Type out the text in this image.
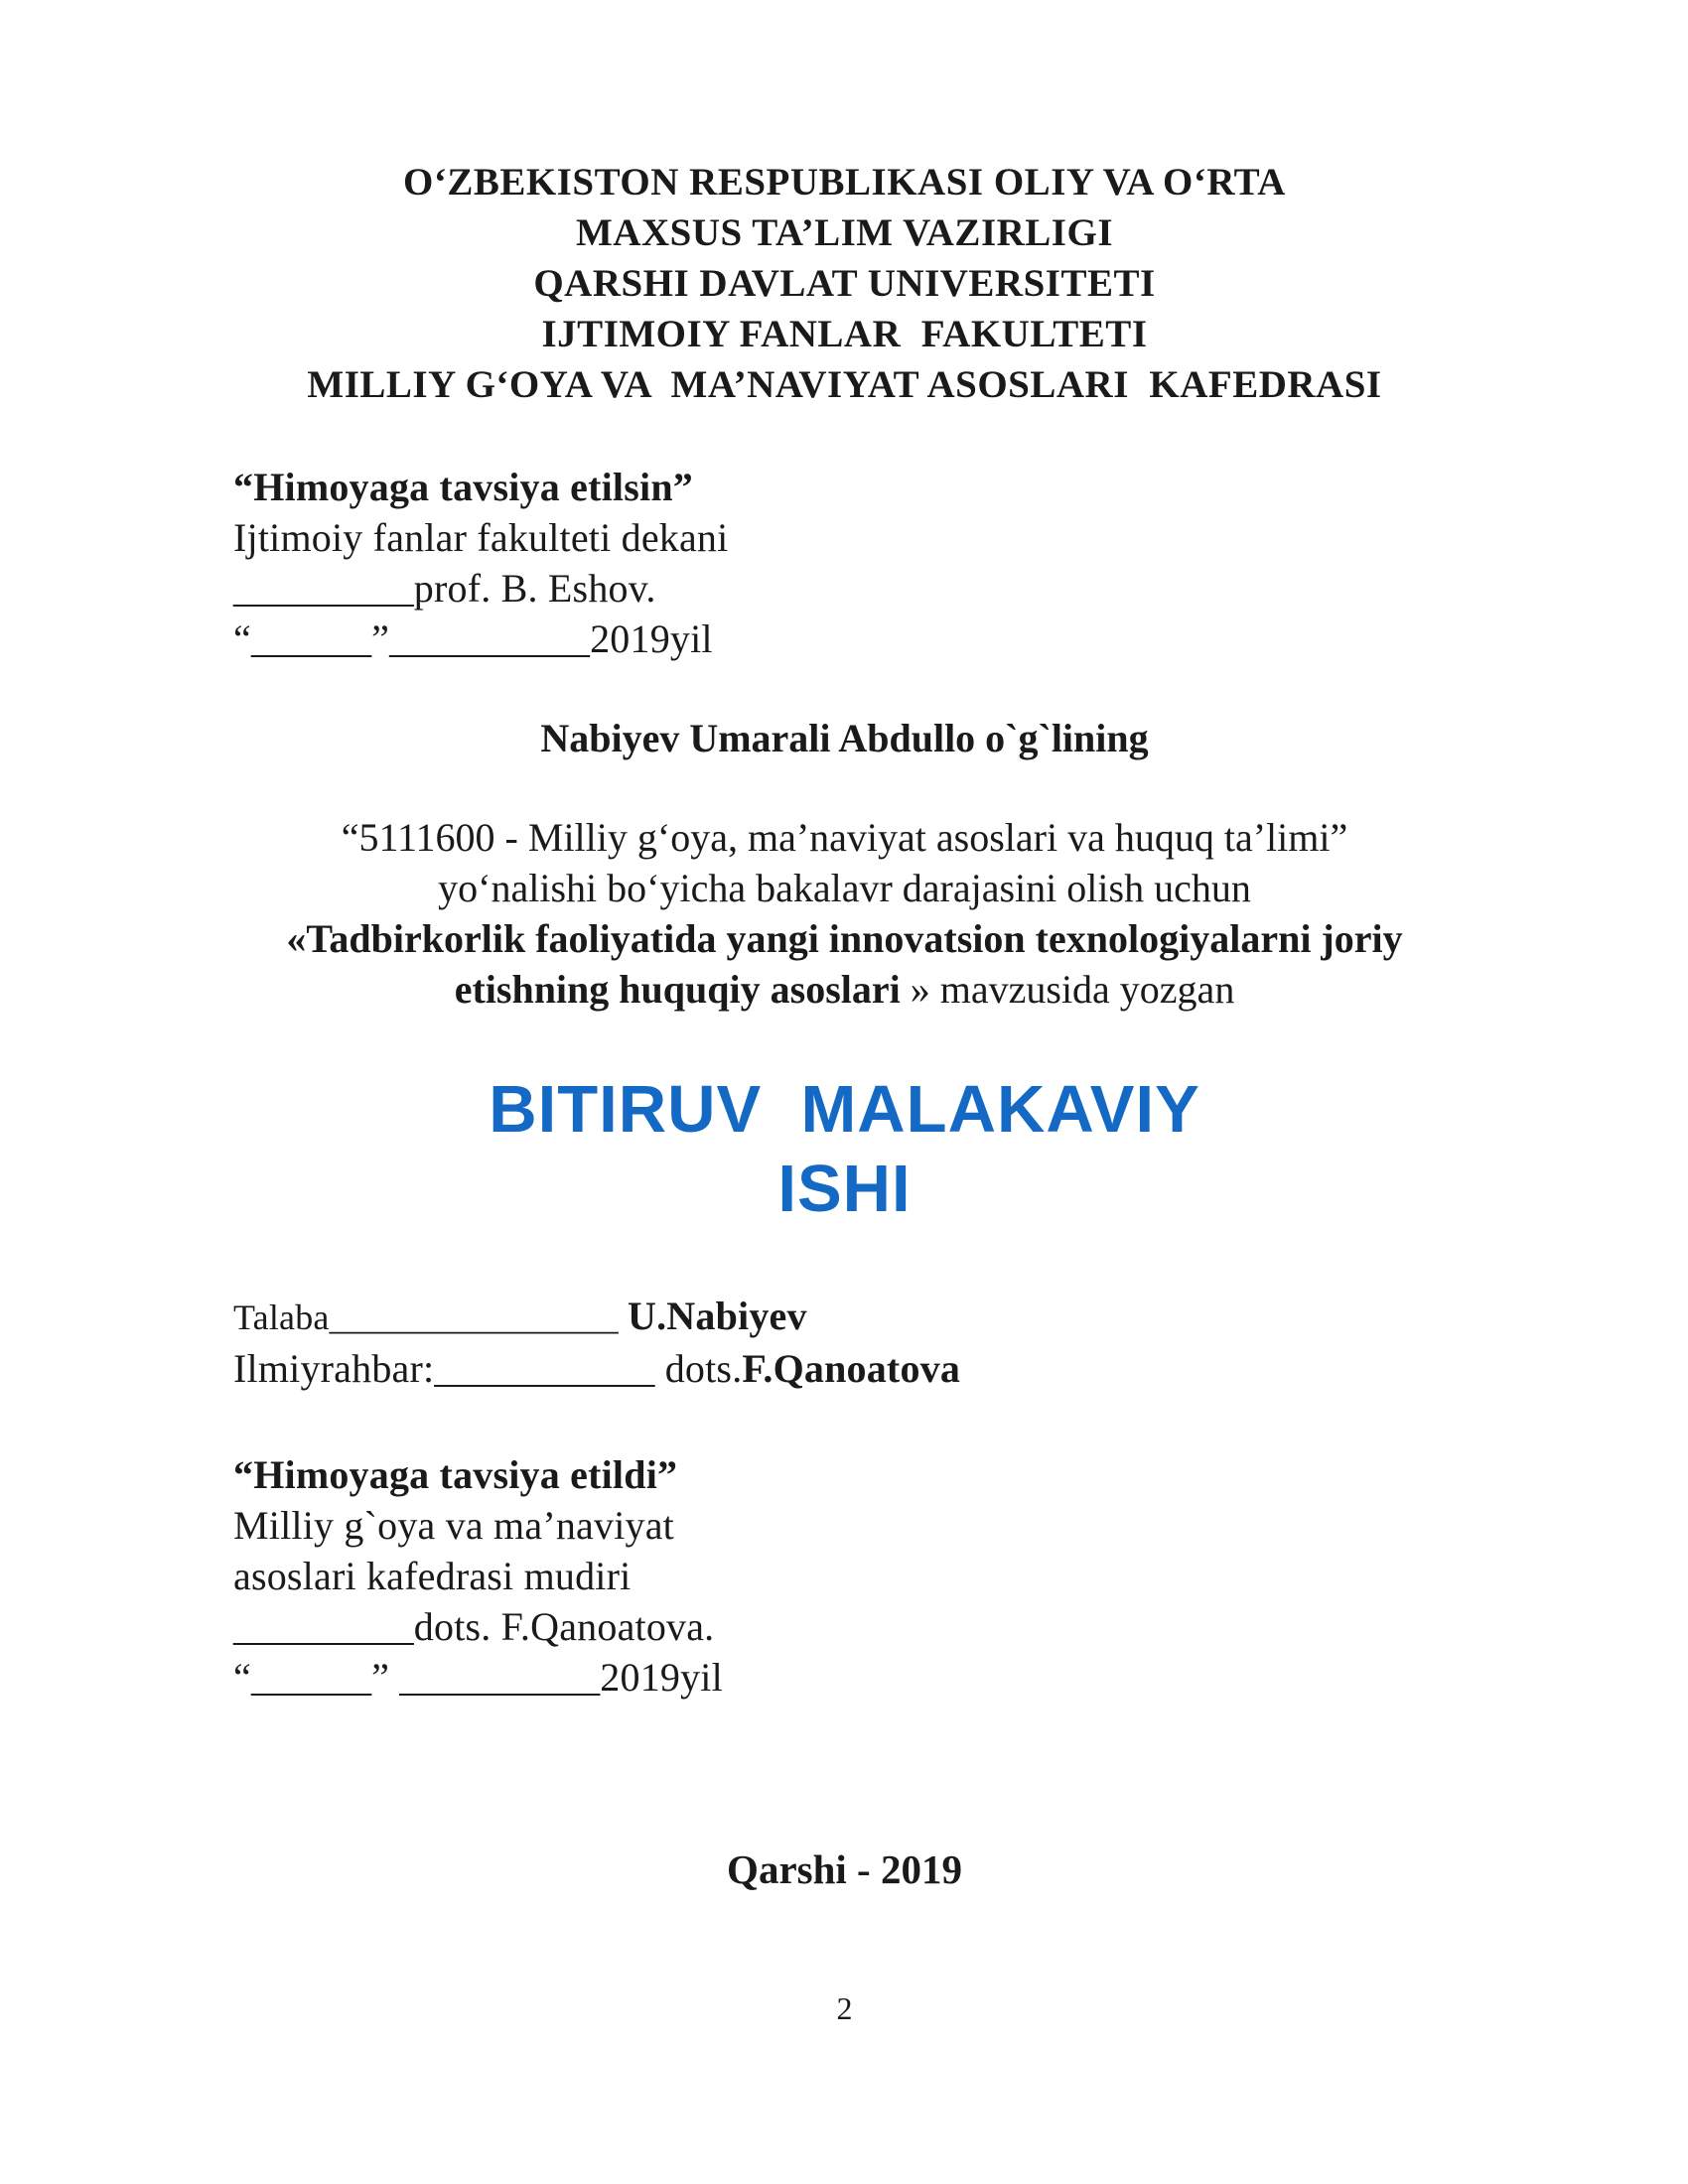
O‘ZBEKISTON RESPUBLIKASI OLIY VA O‘RTA
MAXSUS TA’LIM VAZIRLIGI
QARSHI DAVLAT UNIVERSITETI
IJTIMOIY FANLAR  FAKULTETI
MILLIY G‘OYA VA  MA’NAVIYAT ASOSLARI  KAFEDRASI
“Himoyaga tavsiya etilsin”
Ijtimoiy fanlar fakulteti dekani
_________prof. B. Eshov.
“______”__________2019yil
Nabiyev Umarali Abdullo o`g`lining
“5111600 - Milliy g‘oya, ma’naviyat asoslari va huquq ta’limi”
yo‘nalishi bo‘yicha bakalavr darajasini olish uchun
«Tadbirkorlik faoliyatida yangi innovatsion texnologiyalarni joriy
etishning huquqiy asoslari » mavzusida yozgan
BITIRUV  MALAKAVIY
ISHI
Talaba________________ U.Nabiyev
Ilmiyrahbar:___________ dots.F.Qanoatova
“Himoyaga tavsiya etildi”
Milliy g`oya va ma’naviyat
asoslari kafedrasi mudiri
_________dots. F.Qanoatova.
“______” __________2019yil
Qarshi - 2019
2
